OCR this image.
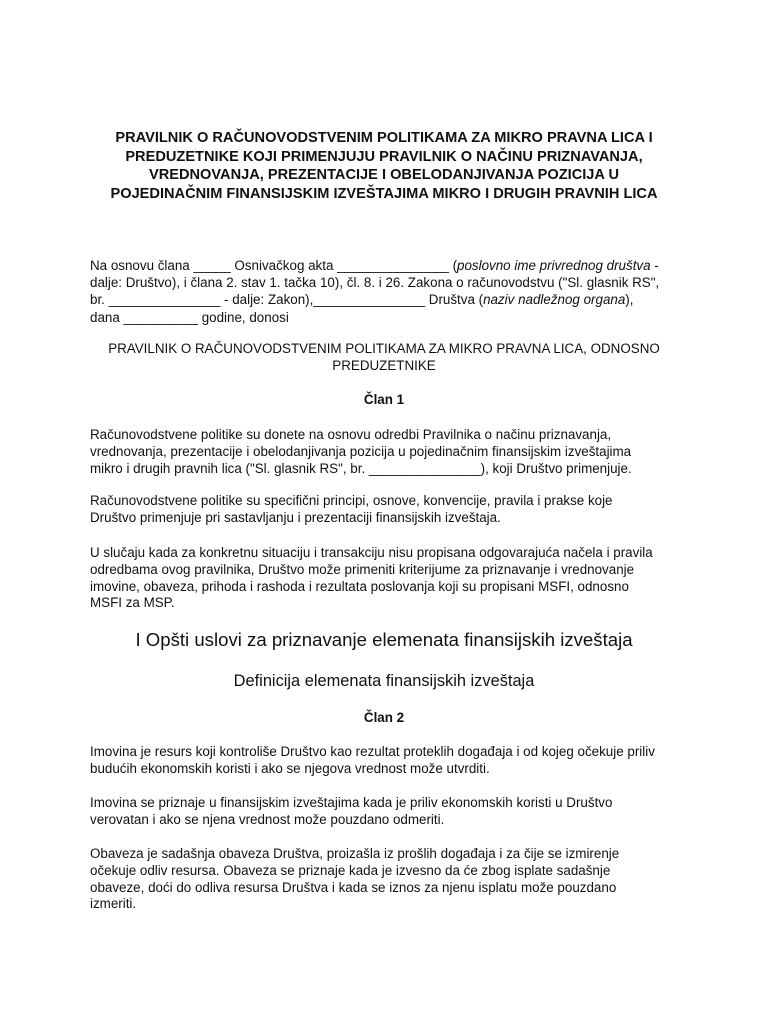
PRAVILNIK O RAČUNOVODSTVENIM POLITIKAMA ZA MIKRO PRAVNA LICA I
PREDUZETNIKE KOJI PRIMENJUJU PRAVILNIK O NAČINU PRIZNAVANJA,
VREDNOVANJA, PREZENTACIJE I OBELODANJIVANJA POZICIJA U
POJEDINAČNIM FINANSIJSKIM IZVEŠTAJIMA MIKRO I DRUGIH PRAVNIH LICA
Na osnovu člana _____ Osnivačkog akta _______________ (poslovno ime privrednog društva -
dalje: Društvo), i člana 2. stav 1. tačka 10), čl. 8. i 26. Zakona o računovodstvu ("Sl. glasnik RS",
br. _______________ - dalje: Zakon),_______________ Društva (naziv nadležnog organa),
dana __________ godine, donosi
PRAVILNIK O RAČUNOVODSTVENIM POLITIKAMA ZA MIKRO PRAVNA LICA, ODNOSNO
PREDUZETNIKE
Član 1
Računovodstvene politike su donete na osnovu odredbi Pravilnika o načinu priznavanja,
vrednovanja, prezentacije i obelodanjivanja pozicija u pojedinačnim finansijskim izveštajima
mikro i drugih pravnih lica ("Sl. glasnik RS", br. _______________), koji Društvo primenjuje.
Računovodstvene politike su specifični principi, osnove, konvencije, pravila i prakse koje
Društvo primenjuje pri sastavljanju i prezentaciji finansijskih izveštaja.
U slučaju kada za konkretnu situaciju i transakciju nisu propisana odgovarajuća načela i pravila
odredbama ovog pravilnika, Društvo može primeniti kriterijume za priznavanje i vrednovanje
imovine, obaveza, prihoda i rashoda i rezultata poslovanja koji su propisani MSFI, odnosno
MSFI za MSP.
I Opšti uslovi za priznavanje elemenata finansijskih izveštaja
Definicija elemenata finansijskih izveštaja
Član 2
Imovina je resurs koji kontroliše Društvo kao rezultat proteklih događaja i od kojeg očekuje priliv
budućih ekonomskih koristi i ako se njegova vrednost može utvrditi.
Imovina se priznaje u finansijskim izveštajima kada je priliv ekonomskih koristi u Društvo
verovatan i ako se njena vrednost može pouzdano odmeriti.
Obaveza je sadašnja obaveza Društva, proizašla iz prošlih događaja i za čije se izmirenje
očekuje odliv resursa. Obaveza se priznaje kada je izvesno da će zbog isplate sadašnje
obaveze, doći do odliva resursa Društva i kada se iznos za njenu isplatu može pouzdano
izmeriti.
